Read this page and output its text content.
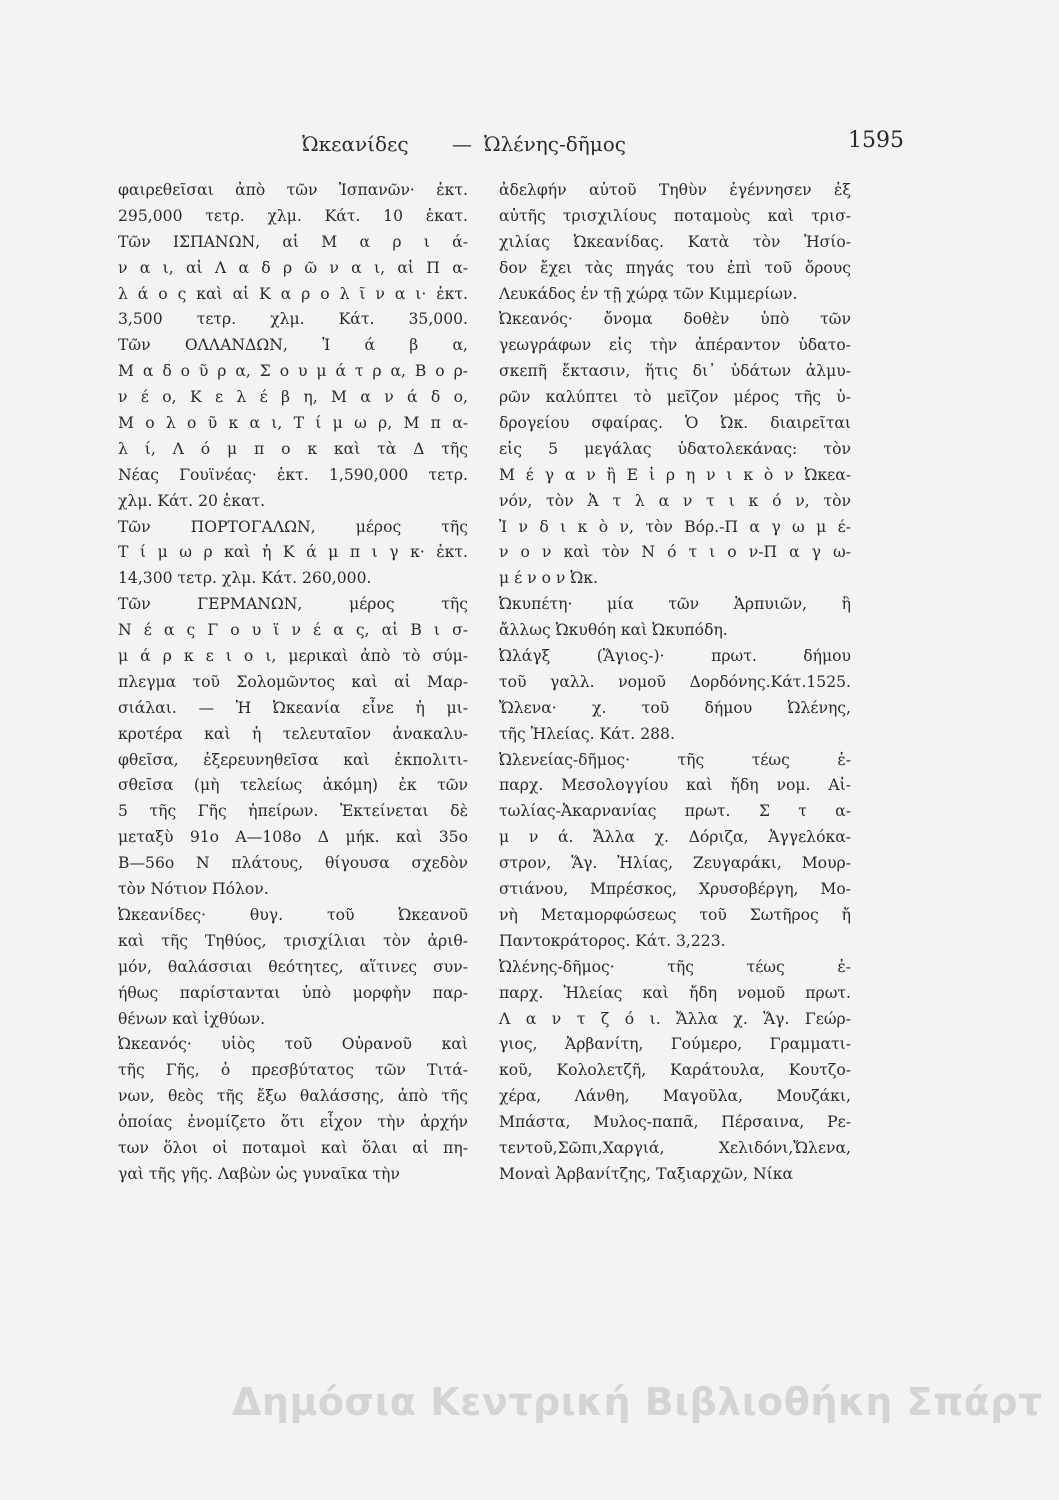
Ὠκεανίδες — Ὠλένης-δῆμος	1595
φαιρεθεῖσαι ἀπὸ τῶν Ἱσπανῶν· ἐκτ.
295,000 τετρ. χλμ. Κάτ. 10 ἑκατ.
Τῶν ΙΣΠΑΝΩΝ, αἱ Μ α ρ ι ά-
ν α ι, αἱ Λ α δ ρ ῶ ν α ι, αἱ Π α-
λ ά ο ς καὶ αἱ Κ α ρ ο λ ῖ ν α ι· ἐκτ.
3,500 τετρ. χλμ. Κάτ. 35,000.
Τῶν ΟΛΛΑΝΔΩΝ, Ἰ ά β α,
Μ α δ ο ῦ ρ α, Σ ο υ μ ά τ ρ α, Β ο ρ-
ν έ ο, Κ ε λ έ β η, Μ α ν ά δ ο,
Μ ο λ ο ῦ κ α ι, Τ ί μ ω ρ, Μ π α-
λ ί, Λ ό μ π ο κ καὶ τὰ Δ τῆς
Νέας Γουϊνέας· ἐκτ. 1,590,000 τετρ.
χλμ. Κάτ. 20 ἑκατ.
Τῶν ΠΟΡΤΟΓΑΛΩΝ, μέρος τῆς
Τ ί μ ω ρ καὶ ἡ Κ ά μ π ι γ κ· ἐκτ.
14,300 τετρ. χλμ. Κάτ. 260,000.
Τῶν ΓΕΡΜΑΝΩΝ, μέρος τῆς
Ν έ α ς Γ ο υ ϊ ν έ α ς, αἱ Β ι σ-
μ ά ρ κ ε ι ο ι, μερικαὶ ἀπὸ τὸ σύμ-
πλεγμα τοῦ Σολομῶντος καὶ αἱ Μαρ-
σιάλαι. — Ἡ Ὠκεανία εἶνε ἡ μι-
κροτέρα καὶ ἡ τελευταῖον ἀνακαλυ-
φθεῖσα, ἐξερευνηθεῖσα καὶ ἐκπολιτι-
σθεῖσα (μὴ τελείως ἀκόμη) ἐκ τῶν
5 τῆς Γῆς ἠπείρων. Ἐκτείνεται δὲ
μεταξὺ 91ο Α—108ο Δ μήκ. καὶ 35ο
Β—56ο Ν πλάτους, θίγουσα σχεδὸν
τὸν Νότιον Πόλον.
Ὠκεανίδες· θυγ. τοῦ Ὠκεανοῦ
καὶ τῆς Τηθύος, τρισχίλιαι τὸν ἀριθ-
μόν, θαλάσσιαι θεότητες, αἵτινες συν-
ήθως παρίστανται ὑπὸ μορφὴν παρ-
θένων καὶ ἰχθύων.
Ὠκεανός· υἱὸς τοῦ Οὐρανοῦ καὶ
τῆς Γῆς, ὁ πρεσβύτατος τῶν Τιτά-
νων, θεὸς τῆς ἔξω θαλάσσης, ἀπὸ τῆς
ὁποίας ἐνομίζετο ὅτι εἶχον τὴν ἀρχήν
των ὅλοι οἱ ποταμοὶ καὶ ὅλαι αἱ πη-
γαὶ τῆς γῆς. Λαβὼν ὡς γυναῖκα τὴν
ἀδελφήν αὐτοῦ Τηθὺν ἐγέννησεν ἐξ
αὐτῆς τρισχιλίους ποταμοὺς καὶ τρισ-
χιλίας Ὠκεανίδας. Κατὰ τὸν Ἡσίο-
δον ἔχει τὰς πηγάς του ἐπὶ τοῦ ὄρους
Λευκάδος ἐν τῇ χώρᾳ τῶν Κιμμερίων.
Ὠκεανός· ὄνομα δοθὲν ὑπὸ τῶν
γεωγράφων εἰς τὴν ἀπέραντον ὑδατο-
σκεπῆ ἔκτασιν, ἥτις δι᾽ ὑδάτων ἁλμυ-
ρῶν καλύπτει τὸ μεῖζον μέρος τῆς ὑ-
δρογείου σφαίρας. Ὁ Ὠκ. διαιρεῖται
εἰς 5 μεγάλας ὑδατολεκάνας: τὸν
Μ έ γ α ν ἢ Ε ἰ ρ η ν ι κ ὸ ν Ὠκεα-
νόν, τὸν Ἀ τ λ α ν τ ι κ ό ν, τὸν
Ἰ ν δ ι κ ὸ ν, τὸν Βόρ.-Π α γ ω μ έ-
ν ο ν καὶ τὸν Ν ό τ ι ο ν-Π α γ ω-
μ έ ν ο ν Ὠκ.
Ὠκυπέτη· μία τῶν Ἁρπυιῶν, ἢ
ἄλλως Ὠκυθόη καὶ Ὠκυπόδη.
Ὠλάγξ (Ἅγιος-)· πρωτ. δήμου
τοῦ γαλλ. νομοῦ Δορδόνης.Κάτ.1525.
Ὤλενα· χ. τοῦ δήμου Ὠλένης,
τῆς Ἠλείας. Κάτ. 288.
Ὠλενείας-δῆμος· τῆς τέως ἐ-
παρχ. Μεσολογγίου καὶ ἤδη νομ. Αἰ-
τωλίας-Ἀκαρνανίας πρωτ. Σ τ α-
μ ν ά. Ἄλλα χ. Δόριζα, Ἀγγελόκα-
στρον, Ἅγ. Ἠλίας, Ζευγαράκι, Μουρ-
στιάνου, Μπρέσκος, Χρυσοβέργη, Μο-
νὴ Μεταμορφώσεως τοῦ Σωτῆρος ἤ
Παντοκράτορος. Κάτ. 3,223.
Ὠλένης-δῆμος· τῆς τέως ἐ-
παρχ. Ἠλείας καὶ ἤδη νομοῦ πρωτ.
Λ α ν τ ζ ό ι. Ἄλλα χ. Ἅγ. Γεώρ-
γιος, Ἀρβανίτη, Γούμερο, Γραμματι-
κοῦ, Κολολετζῆ, Καράτουλα, Κουτζο-
χέρα, Λάνθη, Μαγοῦλα, Μουζάκι,
Μπάστα, Μυλος-παπᾶ, Πέρσαινα, Ρε-
τεντοῦ,Σῶπι,Χαργιά, Χελιδόνι,Ὤλενα,
Μοναὶ Ἀρβανίτζης, Ταξιαρχῶν, Νίκα
Δημόσια Κεντρική Βιβλιοθήκη Σπάρτ
